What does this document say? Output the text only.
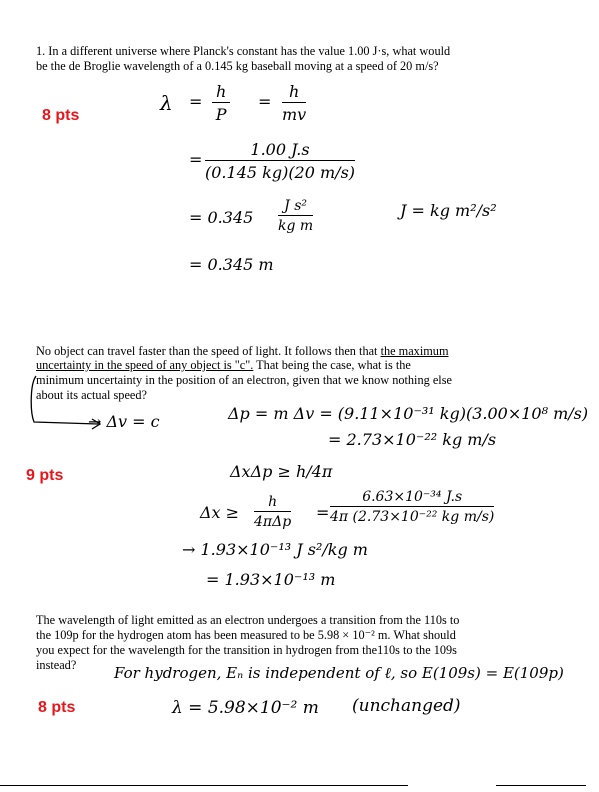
1. In a different universe where Planck's constant has the value 1.00 J·s, what would
be the de Broglie wavelength of a 0.145 kg baseball moving at a speed of 20 m/s?
8 pts
$\lambda = \frac{h}{P} = \frac{h}{mv}$
= $\frac{1.00 J.s}{(0.145 kg)(20 m/s)}$
= $0.345 \frac{\text{J s²}}{\text{kg m}}$	J = kg m²/s²
= 0.345 m
No object can travel faster than the speed of light. It follows then that the maximum
uncertainty in the speed of any object is "c". That being the case, what is the
minimum uncertainty in the position of an electron, given that we know nothing else
about its actual speed?
→ Δv = c	Δp = m Δv = (9.11×10⁻³¹ kg)(3.00×10⁸ m/s)
= 2.73×10⁻²² kg m/s
9 pts	ΔxΔp ≥ h/4π
Δx ≥
h
$4\pi\Delta p = \frac{\text{6.63×10⁻³⁴ J.s}}{\text{4π (2.73×10⁻²² kg m/s)}}$
→ 1.93×10⁻¹³ J s²/kg m
= 1.93×10⁻¹³ m
The wavelength of light emitted as an electron undergoes a transition from the 110s to
the 109p for the hydrogen atom has been measured to be 5.98 × 10⁻² m. What should
you expect for the wavelength for the transition in hydrogen from the110s to the 109s
instead?	For hydrogen, Eₙ is independent of ℓ, so E(109s) = E(109p)
8 pts	λ = 5.98×10⁻² m (unchanged)
